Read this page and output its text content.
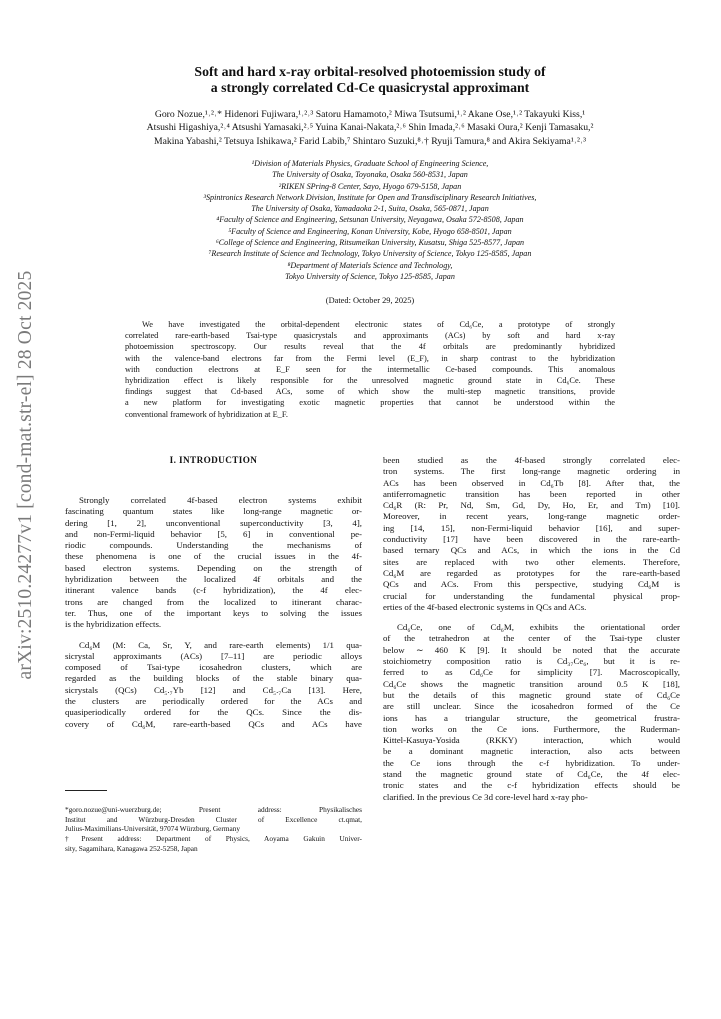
arXiv:2510.24277v1 [cond-mat.str-el] 28 Oct 2025
Soft and hard x-ray orbital-resolved photoemission study of
a strongly correlated Cd-Ce quasicrystal approximant
Goro Nozue,¹˒²˒* Hidenori Fujiwara,¹˒²˒³ Satoru Hamamoto,² Miwa Tsutsumi,¹˒² Akane Ose,¹˒² Takayuki Kiss,¹
Atsushi Higashiya,²˒⁴ Atsushi Yamasaki,²˒⁵ Yuina Kanai-Nakata,²˒⁶ Shin Imada,²˒⁶ Masaki Oura,² Kenji Tamasaku,²
Makina Yabashi,² Tetsuya Ishikawa,² Farid Labib,⁷ Shintaro Suzuki,⁸˒† Ryuji Tamura,⁸ and Akira Sekiyama¹˒²˒³
¹Division of Materials Physics, Graduate School of Engineering Science,
The University of Osaka, Toyonaka, Osaka 560-8531, Japan
²RIKEN SPring-8 Center, Sayo, Hyogo 679-5158, Japan
³Spintronics Research Network Division, Institute for Open and Transdisciplinary Research Initiatives,
The University of Osaka, Yamadaoka 2-1, Suita, Osaka, 565-0871, Japan
⁴Faculty of Science and Engineering, Setsunan University, Neyagawa, Osaka 572-8508, Japan
⁵Faculty of Science and Engineering, Konan University, Kobe, Hyogo 658-8501, Japan
⁶College of Science and Engineering, Ritsumeikan University, Kusatsu, Shiga 525-8577, Japan
⁷Research Institute of Science and Technology, Tokyo University of Science, Tokyo 125-8585, Japan
⁸Department of Materials Science and Technology,
Tokyo University of Science, Tokyo 125-8585, Japan
(Dated: October 29, 2025)
We have investigated the orbital-dependent electronic states of Cd₆Ce, a prototype of strongly
correlated rare-earth-based Tsai-type quasicrystals and approximants (ACs) by soft and hard x-ray
photoemission spectroscopy. Our results reveal that the 4f orbitals are predominantly hybridized
with the valence-band electrons far from the Fermi level (E_F), in sharp contrast to the hybridization
with conduction electrons at E_F seen for the intermetallic Ce-based compounds. This anomalous
hybridization effect is likely responsible for the unresolved magnetic ground state in Cd₆Ce. These
findings suggest that Cd-based ACs, some of which show the multi-step magnetic transitions, provide
a new platform for investigating exotic magnetic properties that cannot be understood within the
conventional framework of hybridization at E_F.
I. INTRODUCTION
Strongly correlated 4f-based electron systems exhibit
fascinating quantum states like long-range magnetic or-
dering [1, 2], unconventional superconductivity [3, 4],
and non-Fermi-liquid behavior [5, 6] in conventional pe-
riodic compounds. Understanding the mechanisms of
these phenomena is one of the crucial issues in the 4f-
based electron systems. Depending on the strength of
hybridization between the localized 4f orbitals and the
itinerant valence bands (c-f hybridization), the 4f elec-
trons are changed from the localized to itinerant charac-
ter. Thus, one of the important keys to solving the issues
is the hybridization effects.
Cd₆M (M: Ca, Sr, Y, and rare-earth elements) 1/1 qua-
sicrystal approximants (ACs) [7–11] are periodic alloys
composed of Tsai-type icosahedron clusters, which are
regarded as the building blocks of the stable binary qua-
sicrystals (QCs) Cd₅.₇Yb [12] and Cd₅.₇Ca [13]. Here,
the clusters are periodically ordered for the ACs and
quasiperiodically ordered for the QCs. Since the dis-
covery of Cd₆M, rare-earth-based QCs and ACs have
*goro.nozue@uni-wuerzburg.de; Present address: Physikalisches
Institut and Würzburg-Dresden Cluster of Excellence ct.qmat,
Julius-Maximilians-Universität, 97074 Würzburg, Germany
†Present address: Department of Physics, Aoyama Gakuin Univer-
sity, Sagamihara, Kanagawa 252-5258, Japan
been studied as the 4f-based strongly correlated elec-
tron systems. The first long-range magnetic ordering in
ACs has been observed in Cd₆Tb [8]. After that, the
antiferromagnetic transition has been reported in other
Cd₆R (R: Pr, Nd, Sm, Gd, Dy, Ho, Er, and Tm) [10].
Moreover, in recent years, long-range magnetic order-
ing [14, 15], non-Fermi-liquid behavior [16], and super-
conductivity [17] have been discovered in the rare-earth-
based ternary QCs and ACs, in which the ions in the Cd
sites are replaced with two other elements. Therefore,
Cd₆M are regarded as prototypes for the rare-earth-based
QCs and ACs. From this perspective, studying Cd₆M is
crucial for understanding the fundamental physical prop-
erties of the 4f-based electronic systems in QCs and ACs.
Cd₆Ce, one of Cd₆M, exhibits the orientational order
of the tetrahedron at the center of the Tsai-type cluster
below ∼ 460 K [9]. It should be noted that the accurate
stoichiometry composition ratio is Cd₃₇Ce₆, but it is re-
ferred to as Cd₆Ce for simplicity [7]. Macroscopically,
Cd₆Ce shows the magnetic transition around 0.5 K [18],
but the details of this magnetic ground state of Cd₆Ce
are still unclear. Since the icosahedron formed of the Ce
ions has a triangular structure, the geometrical frustra-
tion works on the Ce ions. Furthermore, the Ruderman-
Kittel-Kasuya-Yosida (RKKY) interaction, which would
be a dominant magnetic interaction, also acts between
the Ce ions through the c-f hybridization. To under-
stand the magnetic ground state of Cd₆Ce, the 4f elec-
tronic states and the c-f hybridization effects should be
clarified. In the previous Ce 3d core-level hard x-ray pho-
